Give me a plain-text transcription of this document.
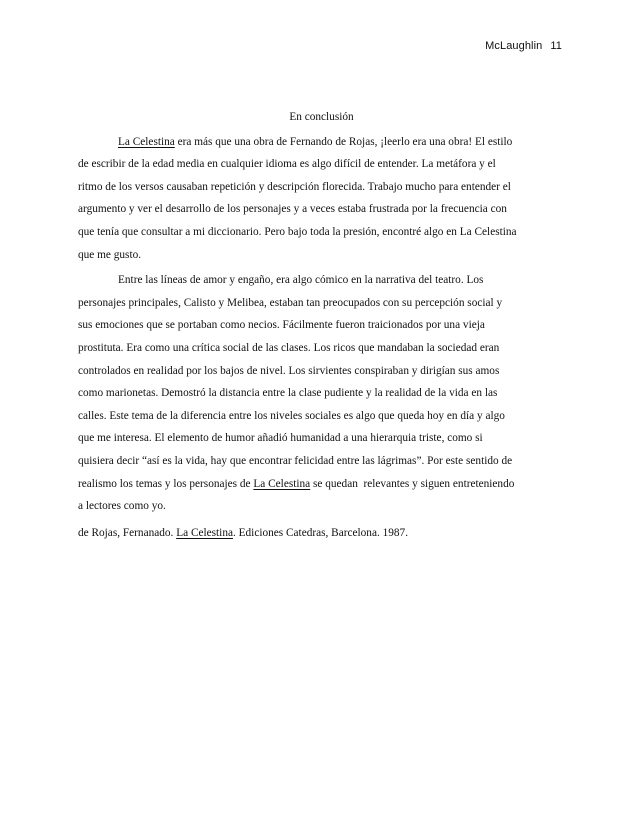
McLaughlin 11
En conclusión
La Celestina era más que una obra de Fernando de Rojas, ¡leerlo era una obra! El estilo
de escribir de la edad media en cualquier idioma es algo difícil de entender. La metáfora y el
ritmo de los versos causaban repetición y descripción florecida. Trabajo mucho para entender el
argumento y ver el desarrollo de los personajes y a veces estaba frustrada por la frecuencia con
que tenía que consultar a mi diccionario. Pero bajo toda la presión, encontré algo en La Celestina
que me gusto.
Entre las líneas de amor y engaño, era algo cómico en la narrativa del teatro. Los
personajes principales, Calisto y Melibea, estaban tan preocupados con su percepción social y
sus emociones que se portaban como necios. Fácilmente fueron traicionados por una vieja
prostituta. Era como una crítica social de las clases. Los ricos que mandaban la sociedad eran
controlados en realidad por los bajos de nivel. Los sirvientes conspiraban y dirigían sus amos
como marionetas. Demostró la distancia entre la clase pudiente y la realidad de la vida en las
calles. Este tema de la diferencia entre los niveles sociales es algo que queda hoy en día y algo
que me interesa. El elemento de humor añadió humanidad a una hierarquia triste, como si
quisiera decir “así es la vida, hay que encontrar felicidad entre las lágrimas”. Por este sentido de
realismo los temas y los personajes de La Celestina se quedan  relevantes y siguen entreteniendo
a lectores como yo.
de Rojas, Fernanado. La Celestina. Ediciones Catedras, Barcelona. 1987.
